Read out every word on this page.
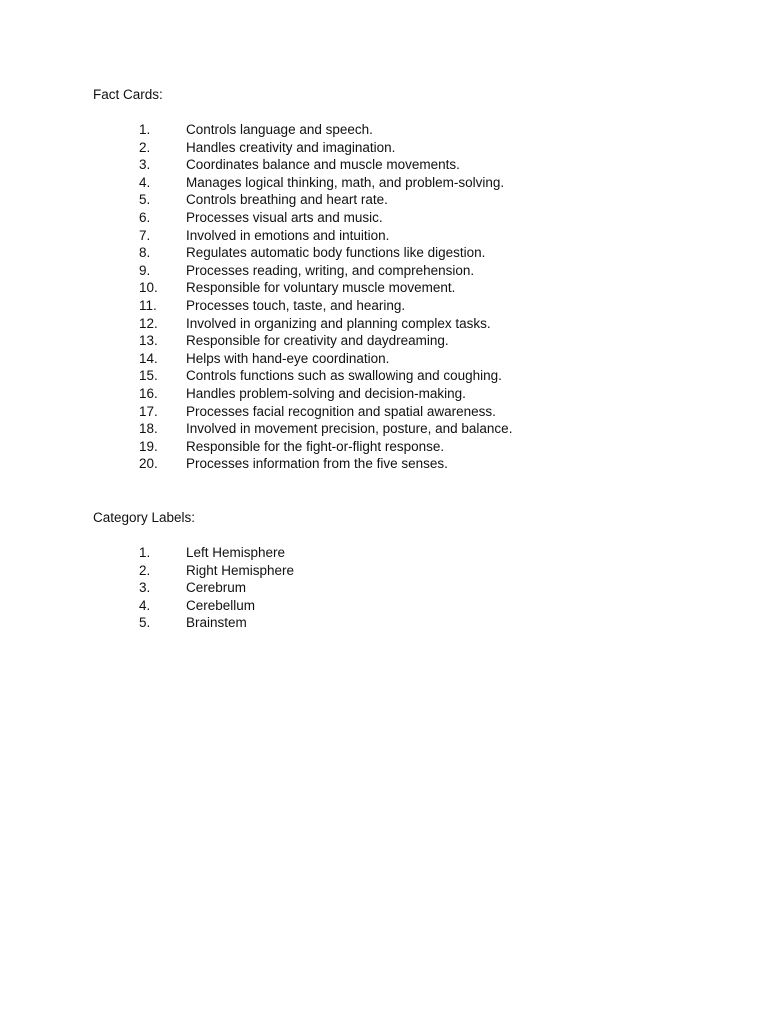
Fact Cards:
1.	Controls language and speech.
2.	Handles creativity and imagination.
3.	Coordinates balance and muscle movements.
4.	Manages logical thinking, math, and problem-solving.
5.	Controls breathing and heart rate.
6.	Processes visual arts and music.
7.	Involved in emotions and intuition.
8.	Regulates automatic body functions like digestion.
9.	Processes reading, writing, and comprehension.
10. Responsible for voluntary muscle movement.
11. Processes touch, taste, and hearing.
12. Involved in organizing and planning complex tasks.
13. Responsible for creativity and daydreaming.
14. Helps with hand-eye coordination.
15. Controls functions such as swallowing and coughing.
16. Handles problem-solving and decision-making.
17. Processes facial recognition and spatial awareness.
18. Involved in movement precision, posture, and balance.
19. Responsible for the fight-or-flight response.
20. Processes information from the five senses.
Category Labels:
1.	Left Hemisphere
2.	Right Hemisphere
3.	Cerebrum
4.	Cerebellum
5.	Brainstem
